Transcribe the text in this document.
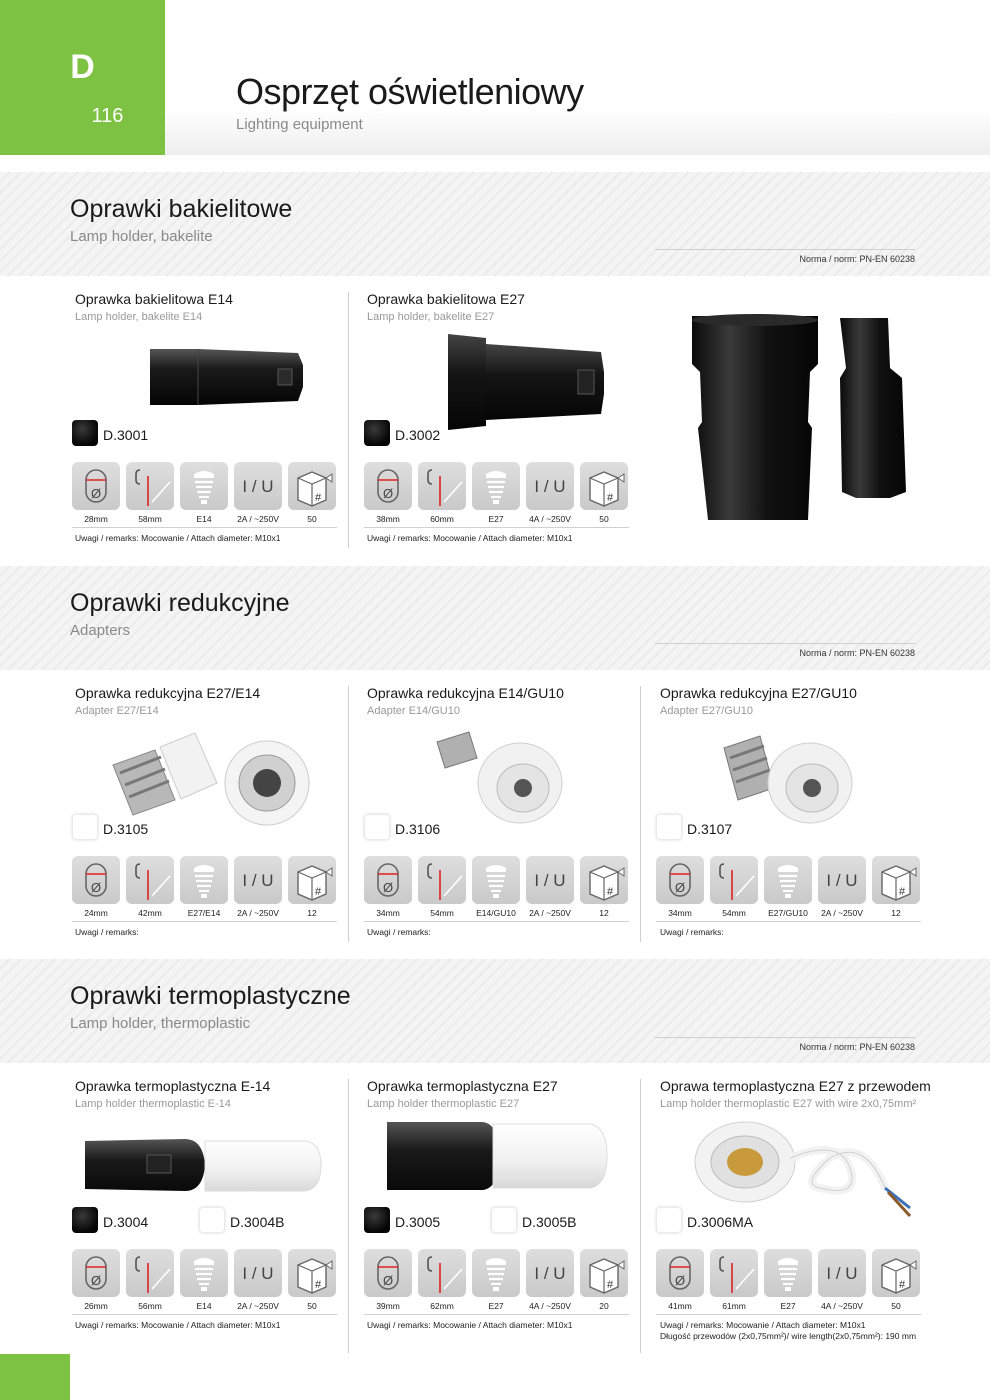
D
116
Osprzęt oświetleniowy
Lighting equipment
Oprawki bakielitowe
Lamp holder, bakelite
Norma / norm: PN-EN 60238
Oprawki redukcyjne
Adapters
Norma / norm: PN-EN 60238
Oprawki termoplastyczne
Lamp holder, thermoplastic
Norma / norm: PN-EN 60238
Oprawka bakielitowa E14
Lamp holder, bakelite E14
D.3001
Ø	I / U
#
28mm	58mm	E14	2A / ~250V	50
Uwagi / remarks: Mocowanie / Attach diameter: M10x1
Oprawka bakielitowa E27
Lamp holder, bakelite E27
D.3002
Ø	I / U
#
38mm	60mm	E27	4A / ~250V	50
Uwagi / remarks: Mocowanie / Attach diameter: M10x1
Oprawka redukcyjna E27/E14
Adapter E27/E14
D.3105
Ø	I / U
#
24mm	42mm	E27/E14	2A / ~250V	12
Uwagi / remarks:
Oprawka redukcyjna E14/GU10
Adapter E14/GU10
D.3106
Ø	I / U
#
34mm	54mm	E14/GU10	2A / ~250V	12
Uwagi / remarks:
Oprawka redukcyjna E27/GU10
Adapter E27/GU10
D.3107
Ø	I / U
#
34mm	54mm	E27/GU10	2A / ~250V	12
Uwagi / remarks:
Oprawka termoplastyczna E-14
Lamp holder thermoplastic E-14
D.3004	D.3004B
Ø	I / U
#
26mm	56mm	E14	2A / ~250V	50
Uwagi / remarks: Mocowanie / Attach diameter: M10x1
Oprawka termoplastyczna E27
Lamp holder thermoplastic E27
D.3005	D.3005B
Ø	I / U
#
39mm	62mm	E27	4A / ~250V	20
Uwagi / remarks: Mocowanie / Attach diameter: M10x1
Oprawa termoplastyczna E27 z przewodem
Lamp holder thermoplastic E27 with wire 2x0,75mm²
D.3006MA
Ø	I / U
#
41mm	61mm	E27	4A / ~250V	50
Uwagi / remarks: Mocowanie / Attach diameter: M10x1
Długość przewodów (2x0,75mm²)/ wire length(2x0,75mm²): 190 mm
